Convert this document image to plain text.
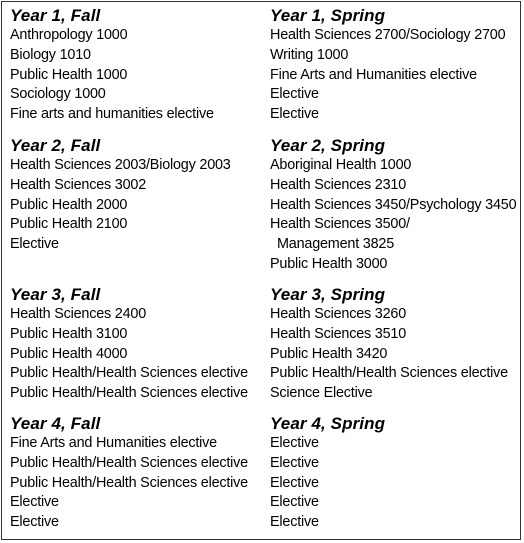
Year 1, Fall
Anthropology 1000
Biology 1010
Public Health 1000
Sociology 1000
Fine arts and humanities elective
Year 2, Fall
Health Sciences 2003/Biology 2003
Health Sciences 3002
Public Health 2000
Public Health 2100
Elective
Year 3, Fall
Health Sciences 2400
Public Health 3100
Public Health 4000
Public Health/Health Sciences elective
Public Health/Health Sciences elective
Year 4, Fall
Fine Arts and Humanities elective
Public Health/Health Sciences elective
Public Health/Health Sciences elective
Elective
Elective
Year 1, Spring
Health Sciences 2700/Sociology 2700
Writing 1000
Fine Arts and Humanities elective
Elective
Elective
Year 2, Spring
Aboriginal Health 1000
Health Sciences 2310
Health Sciences 3450/Psychology 3450
Health Sciences 3500/
Management 3825
Public Health 3000
Year 3, Spring
Health Sciences 3260
Health Sciences 3510
Public Health 3420
Public Health/Health Sciences elective
Science Elective
Year 4, Spring
Elective
Elective
Elective
Elective
Elective
